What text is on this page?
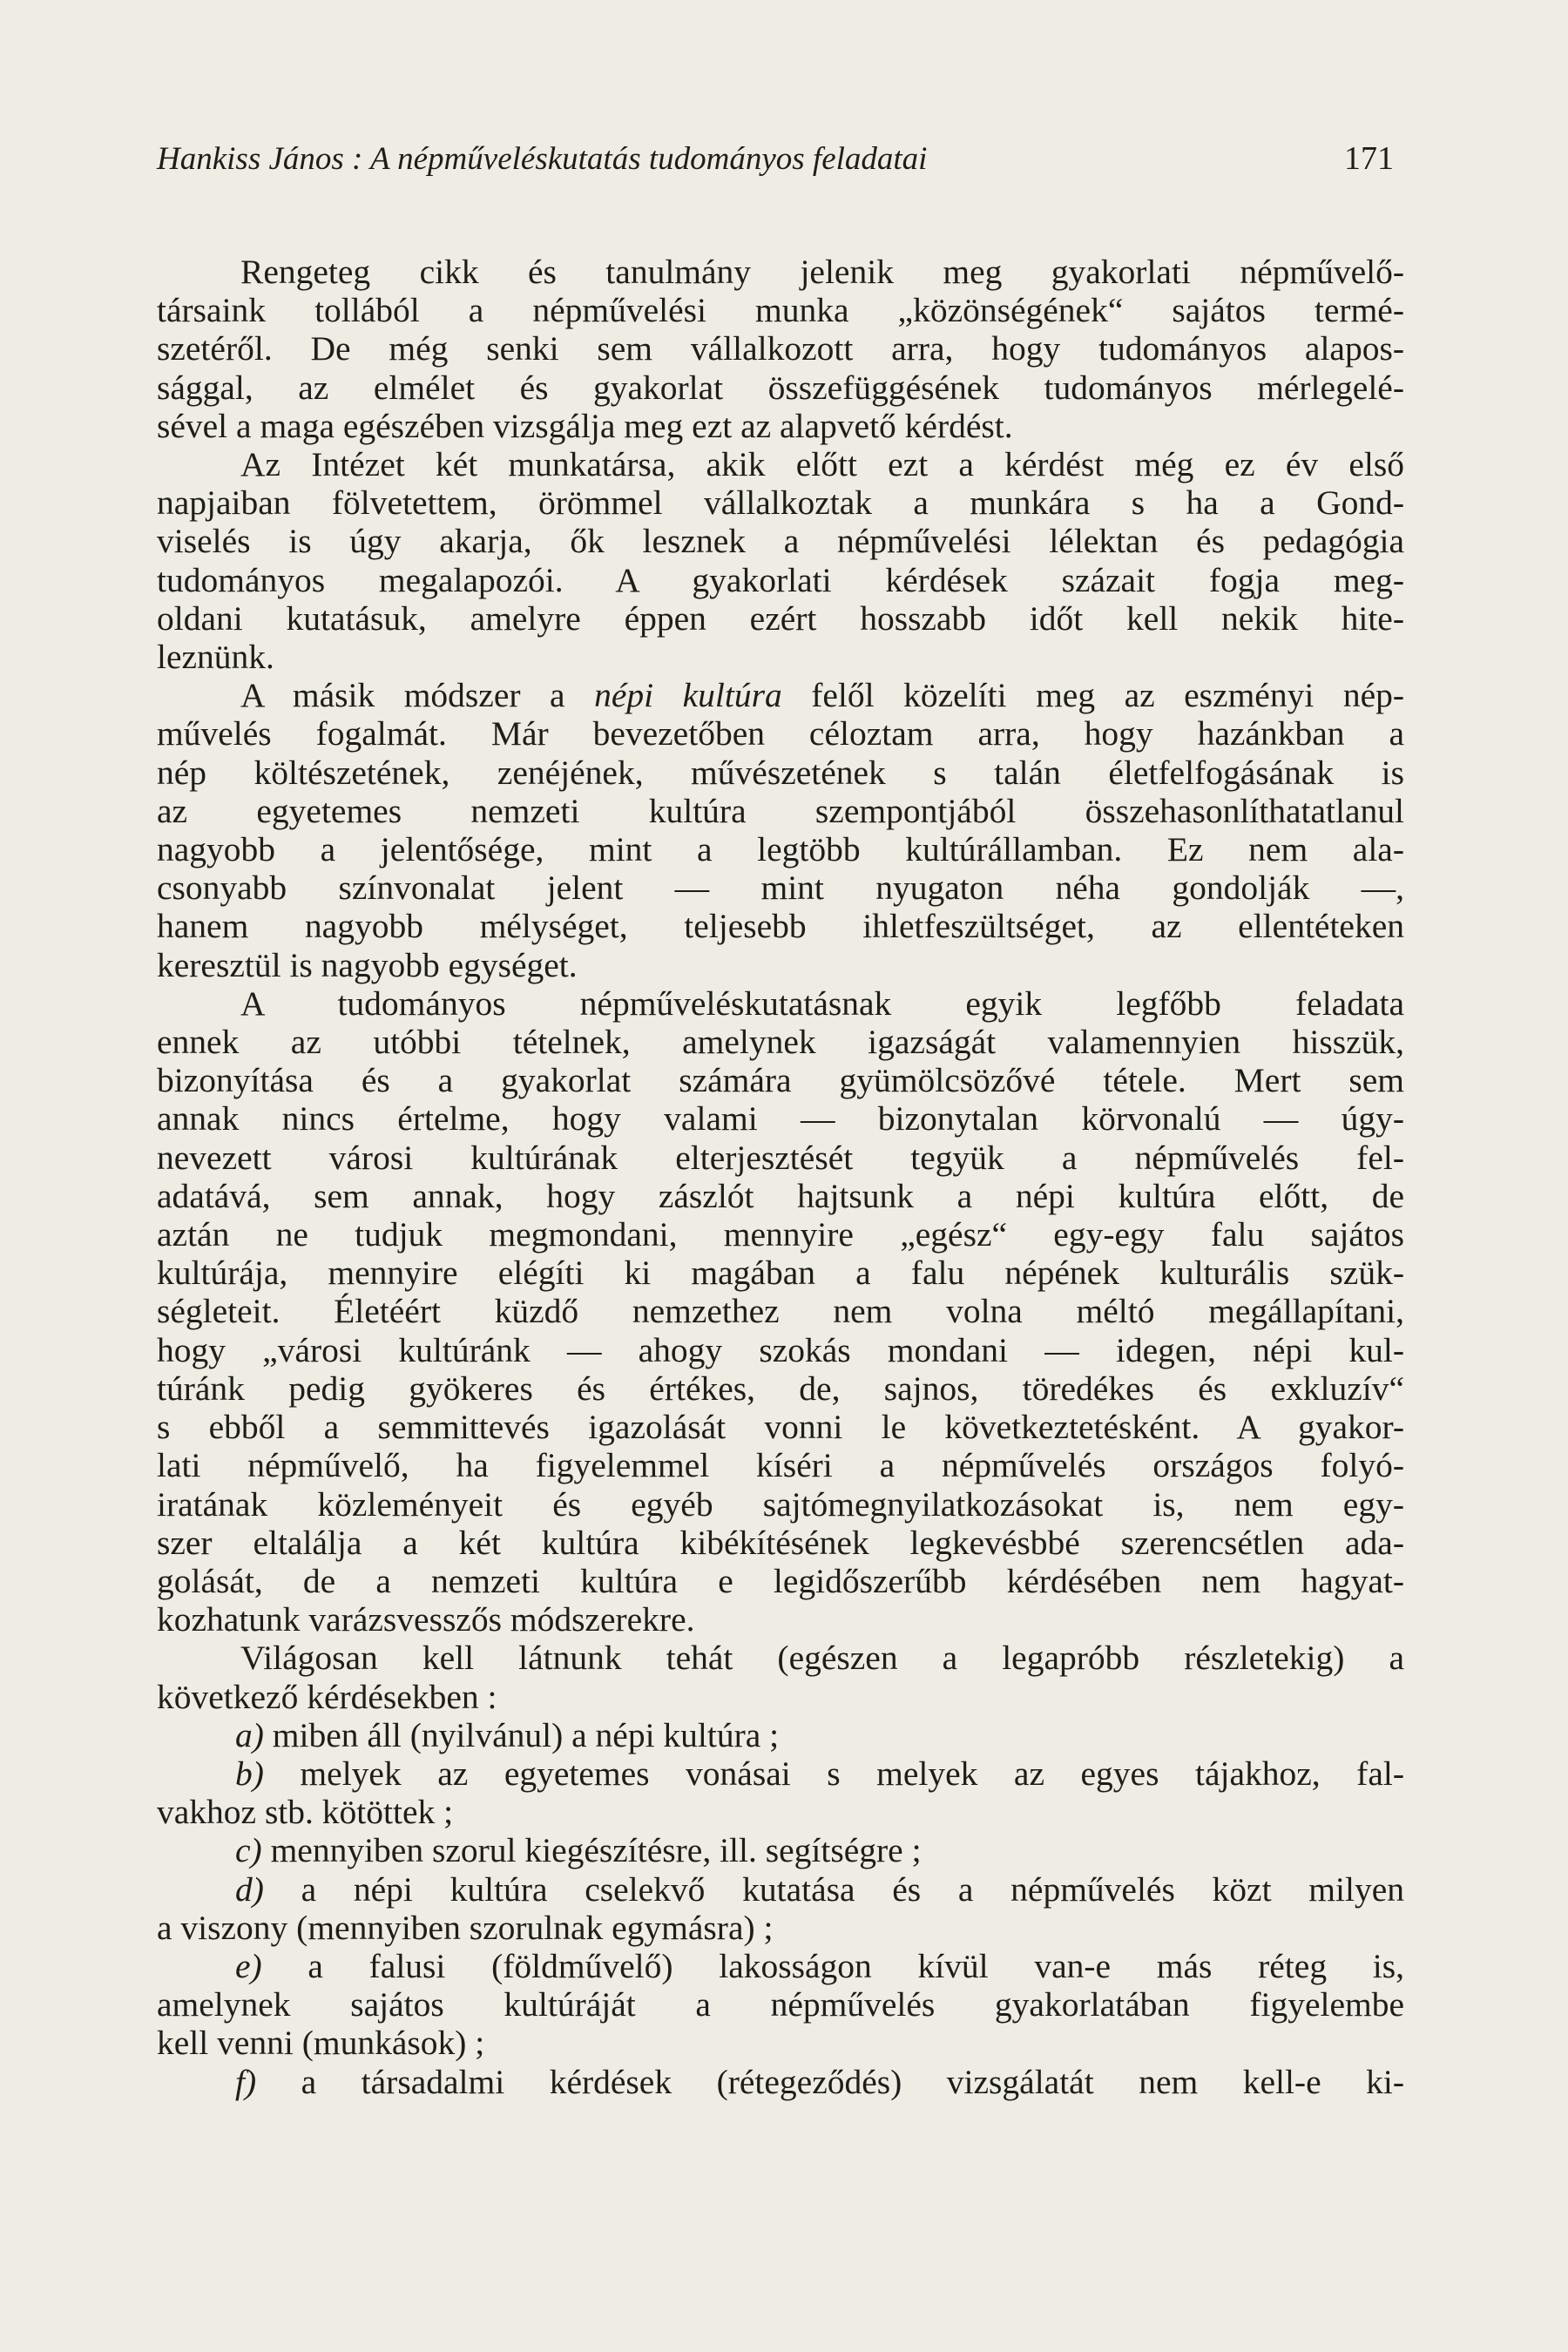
Hankiss János : A népműveléskutatás tudományos feladatai	171
Rengeteg cikk és tanulmány jelenik meg gyakorlati népművelő-
társaink tollából a népművelési munka „közönségének“ sajátos termé-
szetéről. De még senki sem vállalkozott arra, hogy tudományos alapos-
sággal, az elmélet és gyakorlat összefüggésének tudományos mérlegelé-
sével a maga egészében vizsgálja meg ezt az alapvető kérdést.
Az Intézet két munkatársa, akik előtt ezt a kérdést még ez év első
napjaiban fölvetettem, örömmel vállalkoztak a munkára s ha a Gond-
viselés is úgy akarja, ők lesznek a népművelési lélektan és pedagógia
tudományos megalapozói. A gyakorlati kérdések százait fogja meg-
oldani kutatásuk, amelyre éppen ezért hosszabb időt kell nekik hite-
leznünk.
A másik módszer a népi kultúra felől közelíti meg az eszményi nép-
művelés fogalmát. Már bevezetőben céloztam arra, hogy hazánkban a
nép költészetének, zenéjének, művészetének s talán életfelfogásának is
az egyetemes nemzeti kultúra szempontjából összehasonlíthatatlanul
nagyobb a jelentősége, mint a legtöbb kultúrállamban. Ez nem ala-
csonyabb színvonalat jelent — mint nyugaton néha gondolják —,
hanem nagyobb mélységet, teljesebb ihletfeszültséget, az ellentéteken
keresztül is nagyobb egységet.
A tudományos népműveléskutatásnak egyik legfőbb feladata
ennek az utóbbi tételnek, amelynek igazságát valamennyien hisszük,
bizonyítása és a gyakorlat számára gyümölcsözővé tétele. Mert sem
annak nincs értelme, hogy valami — bizonytalan körvonalú — úgy-
nevezett városi kultúrának elterjesztését tegyük a népművelés fel-
adatává, sem annak, hogy zászlót hajtsunk a népi kultúra előtt, de
aztán ne tudjuk megmondani, mennyire „egész“ egy-egy falu sajátos
kultúrája, mennyire elégíti ki magában a falu népének kulturális szük-
ségleteit. Életéért küzdő nemzethez nem volna méltó megállapítani,
hogy „városi kultúránk — ahogy szokás mondani — idegen, népi kul-
túránk pedig gyökeres és értékes, de, sajnos, töredékes és exkluzív“
s ebből a semmittevés igazolását vonni le következtetésként. A gyakor-
lati népművelő, ha figyelemmel kíséri a népművelés országos folyó-
iratának közleményeit és egyéb sajtómegnyilatkozásokat is, nem egy-
szer eltalálja a két kultúra kibékítésének legkevésbbé szerencsétlen ada-
golását, de a nemzeti kultúra e legidőszerűbb kérdésében nem hagyat-
kozhatunk varázsvesszős módszerekre.
Világosan kell látnunk tehát (egészen a legapróbb részletekig) a
következő kérdésekben :
a) miben áll (nyilvánul) a népi kultúra ;
b) melyek az egyetemes vonásai s melyek az egyes tájakhoz, fal-
vakhoz stb. kötöttek ;
c) mennyiben szorul kiegészítésre, ill. segítségre ;
d) a népi kultúra cselekvő kutatása és a népművelés közt milyen
a viszony (mennyiben szorulnak egymásra) ;
e) a falusi (földművelő) lakosságon kívül van-e más réteg is,
amelynek sajátos kultúráját a népművelés gyakorlatában figyelembe
kell venni (munkások) ;
f) a társadalmi kérdések (rétegeződés) vizsgálatát nem kell-e ki-
